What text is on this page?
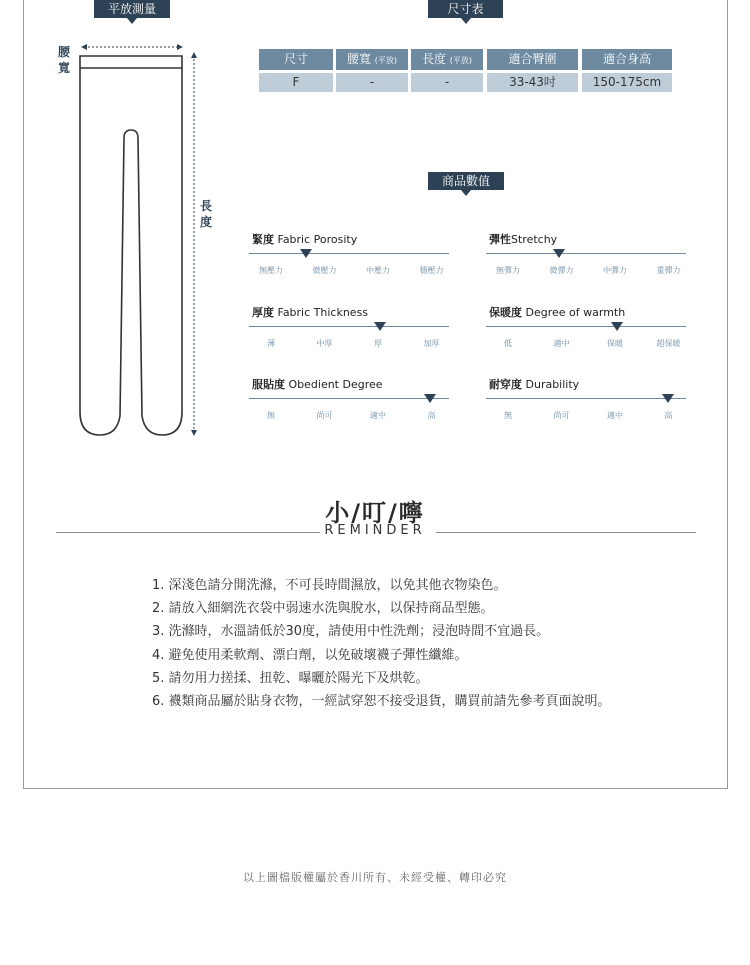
平放測量	尺寸表
腰寬
長度
尺寸	腰寬 (平放)	長度 (平放)	適合臀圍	適合身高
F	-	-	33-43吋	150-175cm
商品數值
緊度 Fabric Porosity
無壓力	微壓力	中壓力	穩壓力
彈性Stretchy
無彈力	微彈力	中彈力	重彈力
厚度 Fabric Thickness
薄	中厚	厚	加厚
保暖度 Degree of warmth
低	適中	保暖	超保暖
服貼度 Obedient Degree
無	尚可	適中	高
耐穿度 Durability
無	尚可	適中	高
小/叮/嚀
REMINDER
1. 深淺色請分開洗滌，不可長時間濕放，以免其他衣物染色。
2. 請放入細網洗衣袋中弱速水洗與脫水，以保持商品型態。
3. 洗滌時，水溫請低於30度，請使用中性洗劑；浸泡時間不宜過長。
4. 避免使用柔軟劑、漂白劑，以免破壞襪子彈性纖維。
5. 請勿用力搓揉、扭乾、曝曬於陽光下及烘乾。
6. 襪類商品屬於貼身衣物，一經試穿恕不接受退貨，購買前請先參考頁面說明。
以上圖檔版權屬於香川所有、未經受權、轉印必究
